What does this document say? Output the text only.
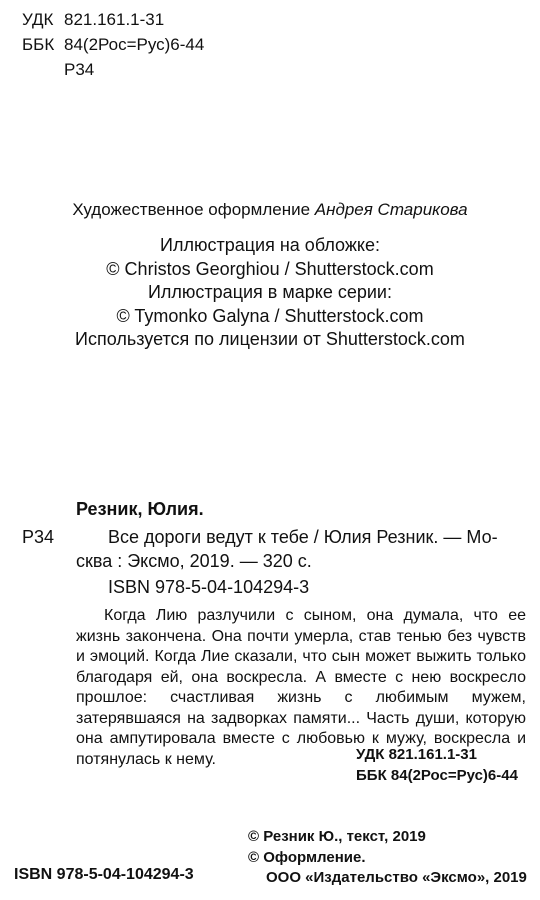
УДК 821.161.1-31
ББК 84(2Рос=Рус)6-44
Р34
Художественное оформление Андрея Старикова
Иллюстрация на обложке:
© Christos Georghiou / Shutterstock.com
Иллюстрация в марке серии:
© Tymonko Galyna / Shutterstock.com
Используется по лицензии от Shutterstock.com
Резник, Юлия.
Р34	Все дороги ведут к тебе / Юлия Резник. — Мо-
сква : Эксмо, 2019. — 320 с.
ISBN 978-5-04-104294-3

Когда Лию разлучили с сыном, она думала, что ее жизнь закончена. Она почти умерла, став тенью без чувств и эмоций. Когда Лие сказали, что сын может выжить только благодаря ей, она воскресла. А вместе с нею воскресло прошлое: счастливая жизнь с любимым мужем, затерявшаяся на задворках памяти... Часть души, которую она ампутировала вместе с любовью к мужу, воскресла и потянулась к нему.	УДК 821.161.1-31
ББК 84(2Рос=Рус)6-44
© Резник Ю., текст, 2019
© Оформление.
ООО «Издательство «Эксмо», 2019
ISBN 978-5-04-104294-3
